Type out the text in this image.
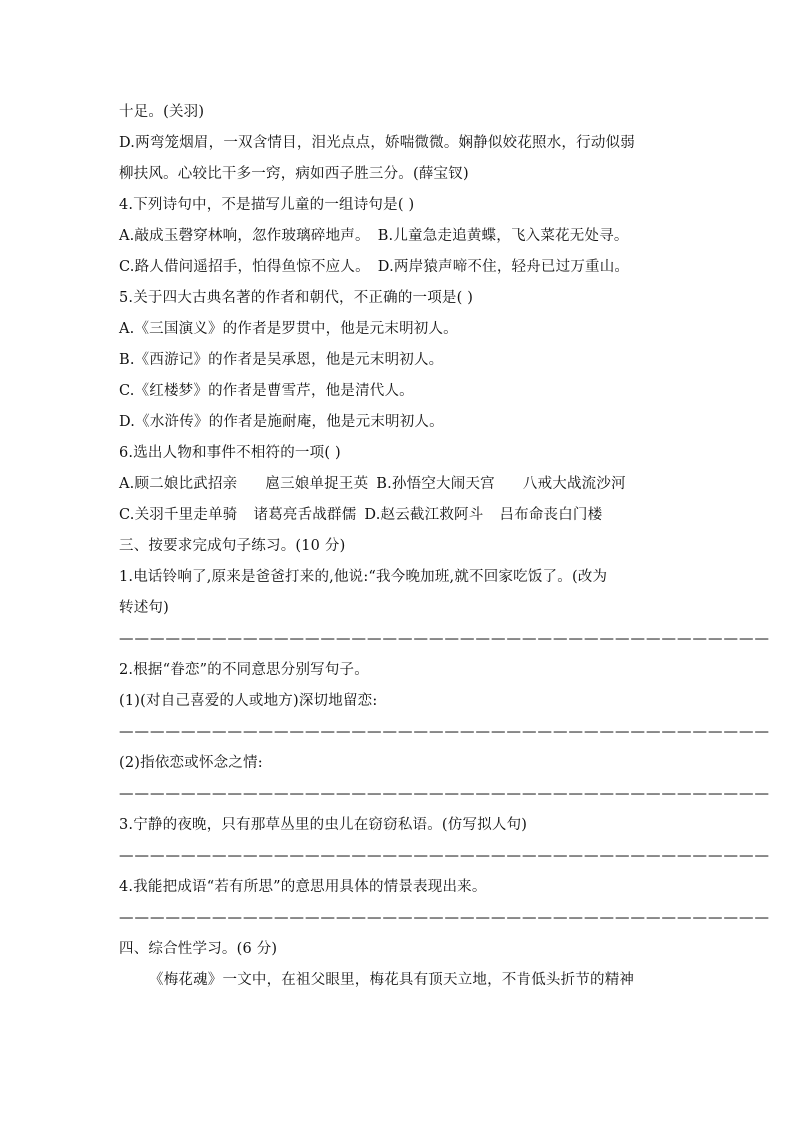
十足。(关羽)
D.两弯笼烟眉，一双含情目，泪光点点，娇喘微微。娴静似姣花照水，行动似弱
柳扶风。心较比干多一窍，病如西子胜三分。(薛宝钗)
4.下列诗句中，不是描写儿童的一组诗句是( )
A.敲成玉磬穿林响，忽作玻璃碎地声。 B.儿童急走追黄蝶，飞入菜花无处寻。
C.路人借问遥招手，怕得鱼惊不应人。 D.两岸猿声啼不住，轻舟已过万重山。
5.关于四大古典名著的作者和朝代，不正确的一项是( )
A.《三国演义》的作者是罗贯中，他是元末明初人。
B.《西游记》的作者是吴承恩，他是元末明初人。
C.《红楼梦》的作者是曹雪芹，他是清代人。
D.《水浒传》的作者是施耐庵，他是元末明初人。
6.选出人物和事件不相符的一项( )
A.顾二娘比武招亲 扈三娘单捉王英 B.孙悟空大闹天宫 八戒大战流沙河
C.关羽千里走单骑 诸葛亮舌战群儒 D.赵云截江救阿斗 吕布命丧白门楼
三、按要求完成句子练习。(10 分)
1.电话铃响了,原来是爸爸打来的,他说:“我今晚加班,就不回家吃饭了。(改为
转述句)
——————————————————————————————————————————
2.根据“眷恋”的不同意思分别写句子。
(1)(对自己喜爱的人或地方)深切地留恋:
——————————————————————————————————————————
(2)指依恋或怀念之情:
——————————————————————————————————————————
3.宁静的夜晚，只有那草丛里的虫儿在窃窃私语。(仿写拟人句)
——————————————————————————————————————————
4.我能把成语“若有所思”的意思用具体的情景表现出来。
——————————————————————————————————————————
四、综合性学习。(6 分)
《梅花魂》一文中，在祖父眼里，梅花具有顶天立地，不肯低头折节的精神
